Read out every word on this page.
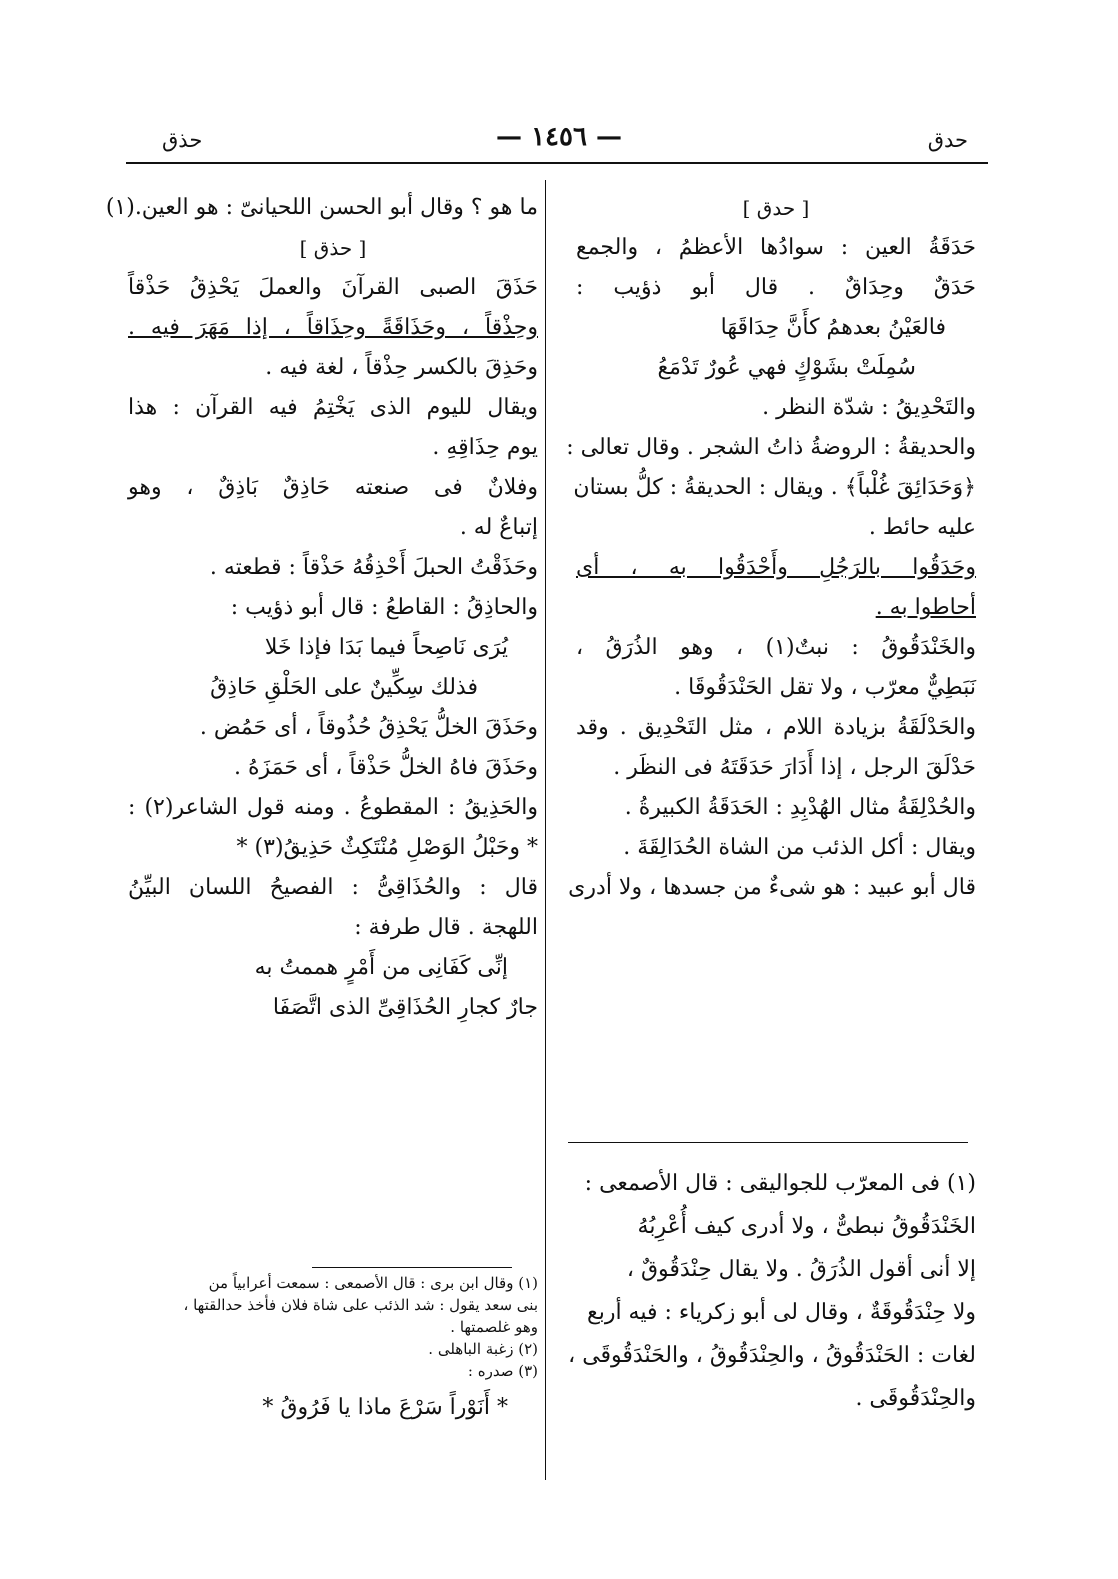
حدق
— ١٤٥٦ —
حذق
[ حدق ]
حَدَقَةُ العين : سوادُها الأعظمُ ، والجمع
حَدَقٌ وحِدَاقٌ . قال أبو ذؤيب :
فالعَيْنُ بعدهمُ كأَنَّ حِدَاقَهَا
سُمِلَتْ بشَوْكٍ فهي عُورٌ تَدْمَعُ
والتَحْدِيقُ : شدّة النظر .
والحديقةُ : الروضةُ ذاتُ الشجر . وقال تعالى :
﴿وَحَدَائِقَ غُلْباً﴾ . ويقال : الحديقةُ : كلُّ بستان
عليه حائط .
وحَدَقُوا بالرَجُلِ وأَحْدَقُوا به ، أى
أحاطوا به .
والخَنْدَقُوقُ : نبتٌ(١) ، وهو الذُرَقُ ،
نَبَطِيٌّ معرّب ، ولا تقل الحَنْدَقُوقَا .
والحَدْلَقَةُ بزيادة اللام ، مثل التَحْدِيق . وقد
حَدْلَقَ الرجل ، إذا أَدَارَ حَدَقَتَهُ فى النظَر .
والحُدْلِقَةُ مثال الهُدْبِدِ : الحَدَقَةُ الكبيرةُ .
ويقال : أكل الذئب من الشاة الحُدَالِقَةَ .
قال أبو عبيد : هو شىءٌ من جسدها ، ولا أدرى
ما هو ؟ وقال أبو الحسن اللحيانىّ : هو العين.(١)
[ حذق ]
حَذَقَ الصبى القرآنَ والعملَ يَحْذِقُ حَذْقاً
وحِذْقاً ، وحَذَاقَةً وحِذَاقاً ، إذا مَهَرَ فيه .
وحَذِقَ بالكسر حِذْقاً ، لغة فيه .
ويقال لليوم الذى يَخْتِمُ فيه القرآن : هذا
يوم حِذَاقِهِ .
وفلانٌ فى صنعته حَاذِقٌ بَاذِقٌ ، وهو
إتباعٌ له .
وحَذَقْتُ الحبلَ أَحْذِقُهُ حَذْقاً : قطعته .
والحاذِقُ : القاطعُ : قال أبو ذؤيب :
يُرَى نَاصِحاً فيما بَدَا فإذا خَلا
فذلك سِكِّينٌ على الحَلْقِ حَاذِقُ
وحَذَقَ الخلُّ يَحْذِقُ حُذُوقاً ، أى حَمُض .
وحَذَقَ فاهُ الخلُّ حَذْقاً ، أى حَمَزَهُ .
والحَذِيقُ : المقطوعُ . ومنه قول الشاعر(٢) :
* وحَبْلُ الوَصْلِ مُنْتَكِثٌ حَذِيقُ(٣) *
قال : والحُذَاقِىُّ : الفصيحُ اللسان البيِّنُ
اللهجة . قال طرفة :
إنِّى كَفَانِى من أَمْرٍ هممتُ به
جارٌ كجارِ الحُذَاقِىِّ الذى اتَّصَفَا
(١) فى المعرّب للجواليقى : قال الأصمعى :
الخَنْدَقُوقُ نبطىٌّ ، ولا أدرى كيف أُعْرِبُهُ
إلا أنى أقول الذُرَقُ . ولا يقال حِنْدَقُوقٌ ،
ولا حِنْدَقُوقَةٌ ، وقال لى أبو زكرياء : فيه أربع
لغات : الحَنْدَقُوقُ ، والحِنْدَقُوقُ ، والحَنْدَقُوقَى ،
والحِنْدَقُوقَى .
(١) وقال ابن برى : قال الأصمعى : سمعت أعرابياً من
بنى سعد يقول : شد الذئب على شاة فلان فأخذ حدالقتها ،
وهو غلصمتها .
(٢) زغبة الباهلى .
(٣) صدره :
* أَنَوْراً سَرْعَ ماذا يا فَرُوقُ *
